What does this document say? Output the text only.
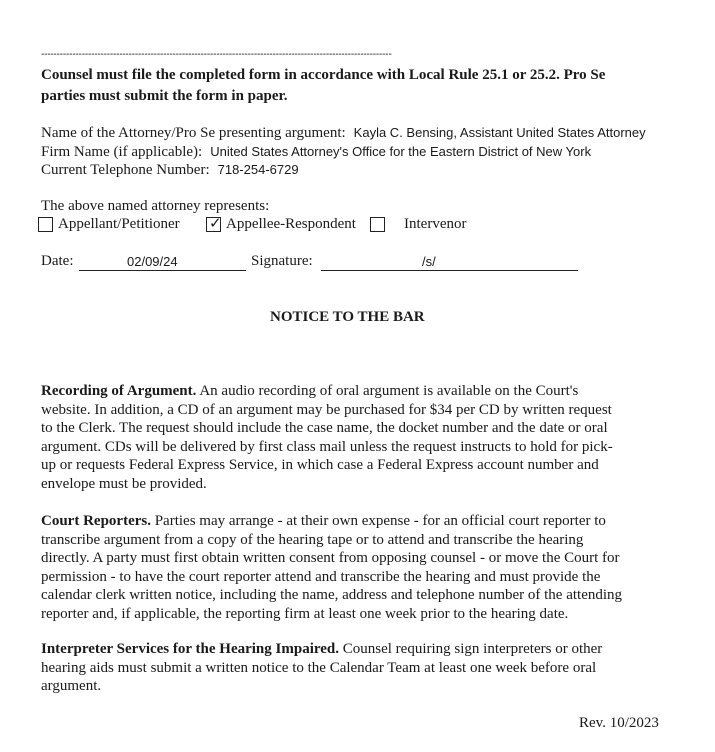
----------------------------------------------------------------------------------------------------------------
Counsel must file the completed form in accordance with Local Rule 25.1 or 25.2. Pro Se
parties must submit the form in paper.
Name of the Attorney/Pro Se presenting argument: Kayla C. Bensing, Assistant United States Attorney
Firm Name (if applicable): United States Attorney's Office for the Eastern District of New York
Current Telephone Number: 718-254-6729
The above named attorney represents:
Appellant/Petitioner ✓ Appellee-Respondent	Intervenor
Date:	02/09/24	Signature:	/s/
NOTICE TO THE BAR
Recording of Argument. An audio recording of oral argument is available on the Court's
website. In addition, a CD of an argument may be purchased for $34 per CD by written request
to the Clerk. The request should include the case name, the docket number and the date or oral
argument. CDs will be delivered by first class mail unless the request instructs to hold for pick-
up or requests Federal Express Service, in which case a Federal Express account number and
envelope must be provided.
Court Reporters. Parties may arrange - at their own expense - for an official court reporter to
transcribe argument from a copy of the hearing tape or to attend and transcribe the hearing
directly. A party must first obtain written consent from opposing counsel - or move the Court for
permission - to have the court reporter attend and transcribe the hearing and must provide the
calendar clerk written notice, including the name, address and telephone number of the attending
reporter and, if applicable, the reporting firm at least one week prior to the hearing date.
Interpreter Services for the Hearing Impaired. Counsel requiring sign interpreters or other
hearing aids must submit a written notice to the Calendar Team at least one week before oral
argument.
Rev. 10/2023
